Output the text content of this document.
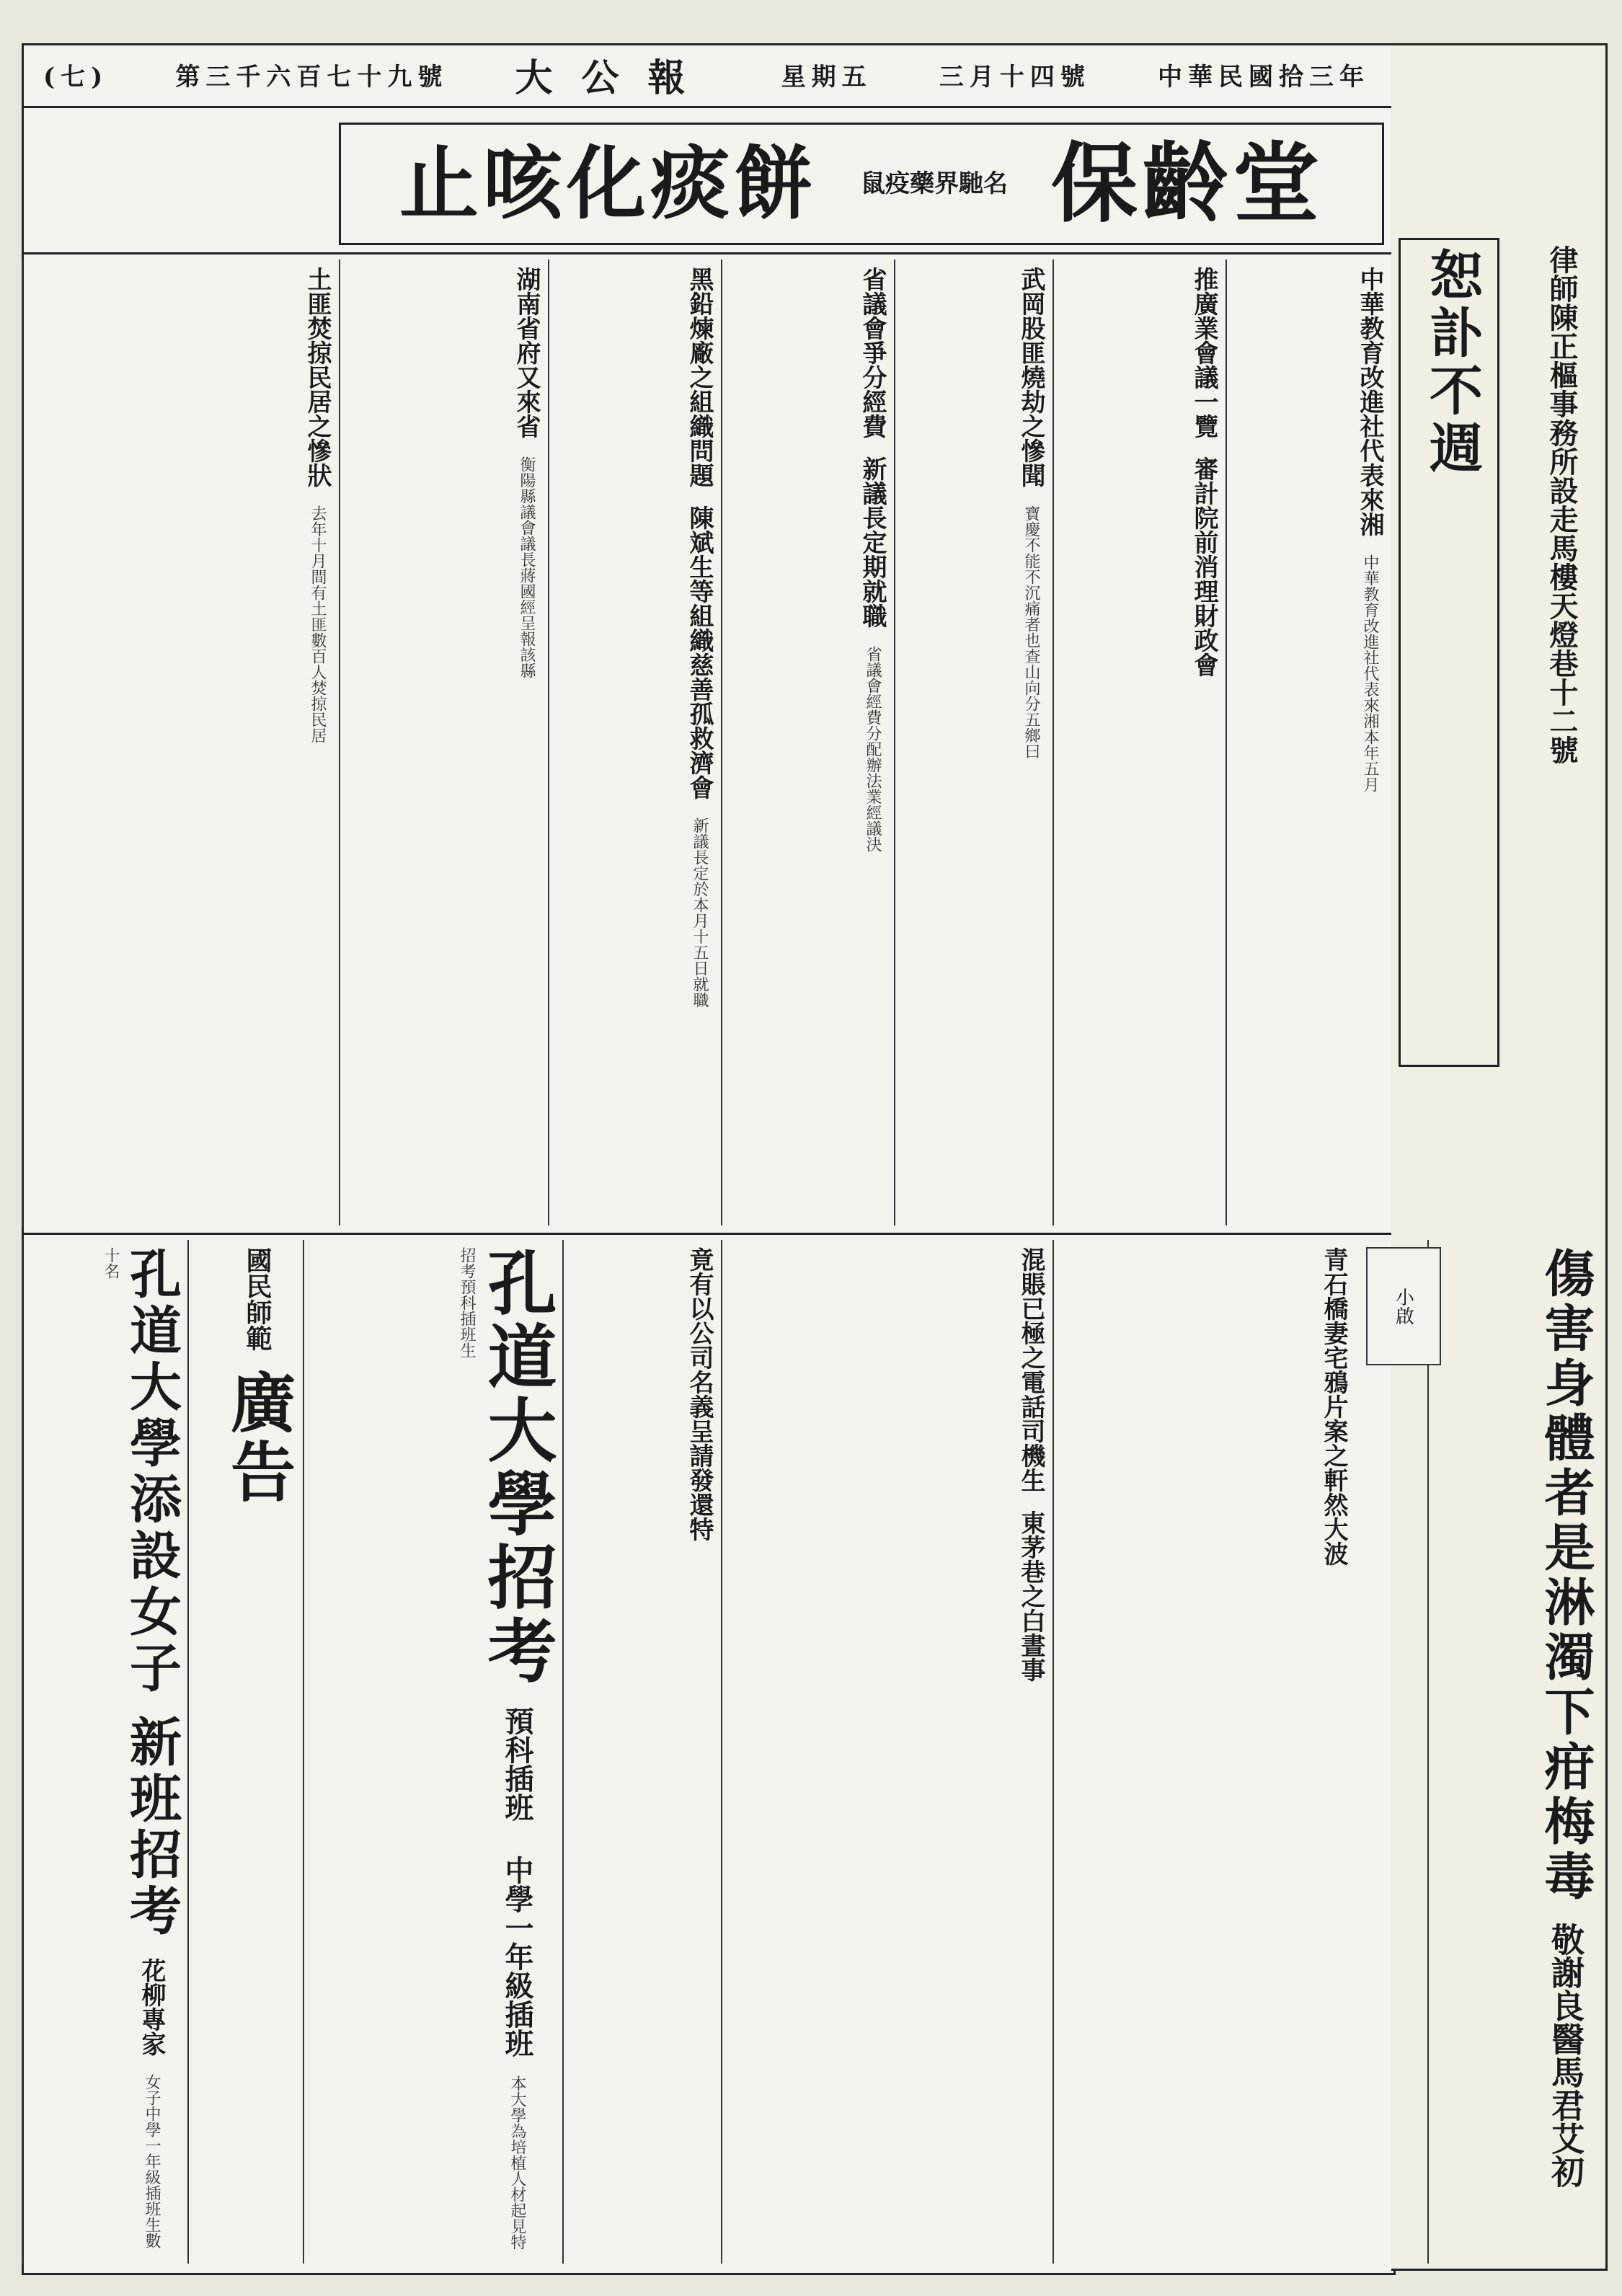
(七)	第三千六百七十九號 大公報	星期五	三月十四號	中華民國拾三年
恕訃不週	律師陳正樞事務所設走馬樓天燈巷十二號
傷害身體者是淋濁下疳梅毒 敬謝良醫馬君艾初
止咳化痰餅 鼠疫藥界馳名 保齡堂
中華教育改進社代表來湘 中華教育改進社代表來湘本年五月
推廣業會議一覽 審計院前消理財政會
武岡股匪燒劫之慘聞 寶慶不能不沉痛者也查山向分五鄉曰
省議會爭分經費 新議長定期就職 省議會經費分配辦法業經議決
黑鉛煉廠之組織問題 陳斌生等組織慈善孤救濟會 新議長定於本月十五日就職
湖南省府又來省 衡陽縣議會議長蔣國經呈報該縣
土匪焚掠民居之慘狀 去年十月間有土匪數百人焚掠民居
青石橋妻宅鴉片案之軒然大波	小啟
混賬已極之電話司機生 東茅巷之白晝事
竟有以公司名義呈請發還特
孔道大學招考 預科插班 中學一年級插班 本大學為培植人材起見特招考預科插班生
國民師範 廣告
孔道大學添設女子 新班招考 花柳專家 女子中學一年級插班生數十名
